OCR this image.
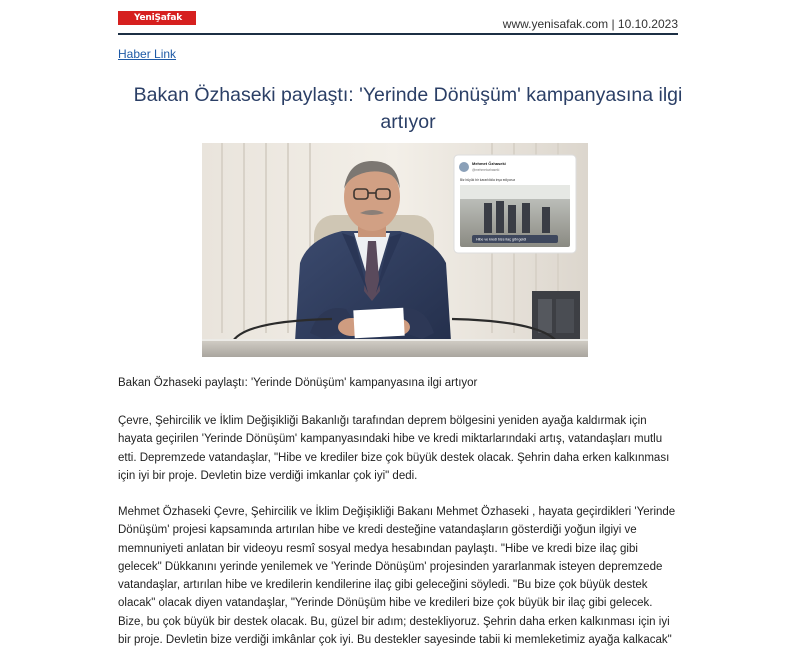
YeniŞafak	www.yenisafak.com | 10.10.2023
Haber Link
Bakan Özhaseki paylaştı: 'Yerinde Dönüşüm' kampanyasına ilgi
artıyor
Mehmet Özhaseki
@mehmetozhaseki
Biz büyük bir kararlılıkla inşa ediyoruz
Hibe ve kredi bize ilaç gibi geldi
Bakan Özhaseki paylaştı: 'Yerinde Dönüşüm' kampanyasına ilgi artıyor

Çevre, Şehircilik ve İklim Değişikliği Bakanlığı tarafından deprem bölgesini yeniden ayağa kaldırmak için
hayata geçirilen 'Yerinde Dönüşüm' kampanyasındaki hibe ve kredi miktarlarındaki artış, vatandaşları mutlu
etti. Depremzede vatandaşlar, "Hibe ve krediler bize çok büyük destek olacak. Şehrin daha erken kalkınması
için iyi bir proje. Devletin bize verdiği imkanlar çok iyi" dedi.

Mehmet Özhaseki Çevre, Şehircilik ve İklim Değişikliği Bakanı Mehmet Özhaseki , hayata geçirdikleri 'Yerinde
Dönüşüm' projesi kapsamında artırılan hibe ve kredi desteğine vatandaşların gösterdiği yoğun ilgiyi ve
memnuniyeti anlatan bir videoyu resmî sosyal medya hesabından paylaştı. "Hibe ve kredi bize ilaç gibi
gelecek" Dükkanını yerinde yenilemek ve 'Yerinde Dönüşüm' projesinden yararlanmak isteyen depremzede
vatandaşlar, artırılan hibe ve kredilerin kendilerine ilaç gibi geleceğini söyledi. "Bu bize çok büyük destek
olacak" olacak diyen vatandaşlar, "Yerinde Dönüşüm hibe ve kredileri bize çok büyük bir ilaç gibi gelecek.
Bize, bu çok büyük bir destek olacak. Bu, güzel bir adım; destekliyoruz. Şehrin daha erken kalkınması için iyi
bir proje. Devletin bize verdiği imkânlar çok iyi. Bu destekler sayesinde tabii ki memleketimiz ayağa kalkacak"
